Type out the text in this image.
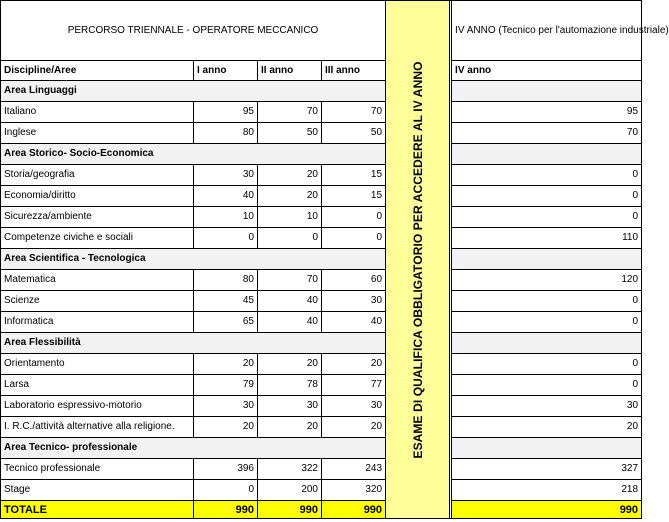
PERCORSO TRIENNALE - OPERATORE MECCANICO				ESAME DI QUALIFICA OBBLIGATORIO PER ACCEDERE AL IV ANNO		IV ANNO (Tecnico per l'automazione industriale)
Discipline/Aree	I anno	II anno	III anno			IV anno
Area Linguaggi						
Italiano	95	70	70			95
Inglese	80	50	50			70
Area Storico- Socio-Economica						
Storia/geografia	30	20	15			0
Economia/diritto	40	20	15			0
Sicurezza/ambiente	10	10	0			0
Competenze civiche e sociali	0	0	0			110
Area Scientifica - Tecnologica						
Matematica	80	70	60			120
Scienze	45	40	30			0
Informatica	65	40	40			0
Area Flessibilità						
Orientamento	20	20	20			0
Larsa	79	78	77			0
Laboratorio espressivo-motorio	30	30	30			30
I. R.C./attività alternative alla religione.	20	20	20			20
Area Tecnico- professionale						
Tecnico professionale	396	322	243			327
Stage	0	200	320			218
TOTALE	990	990	990			990
